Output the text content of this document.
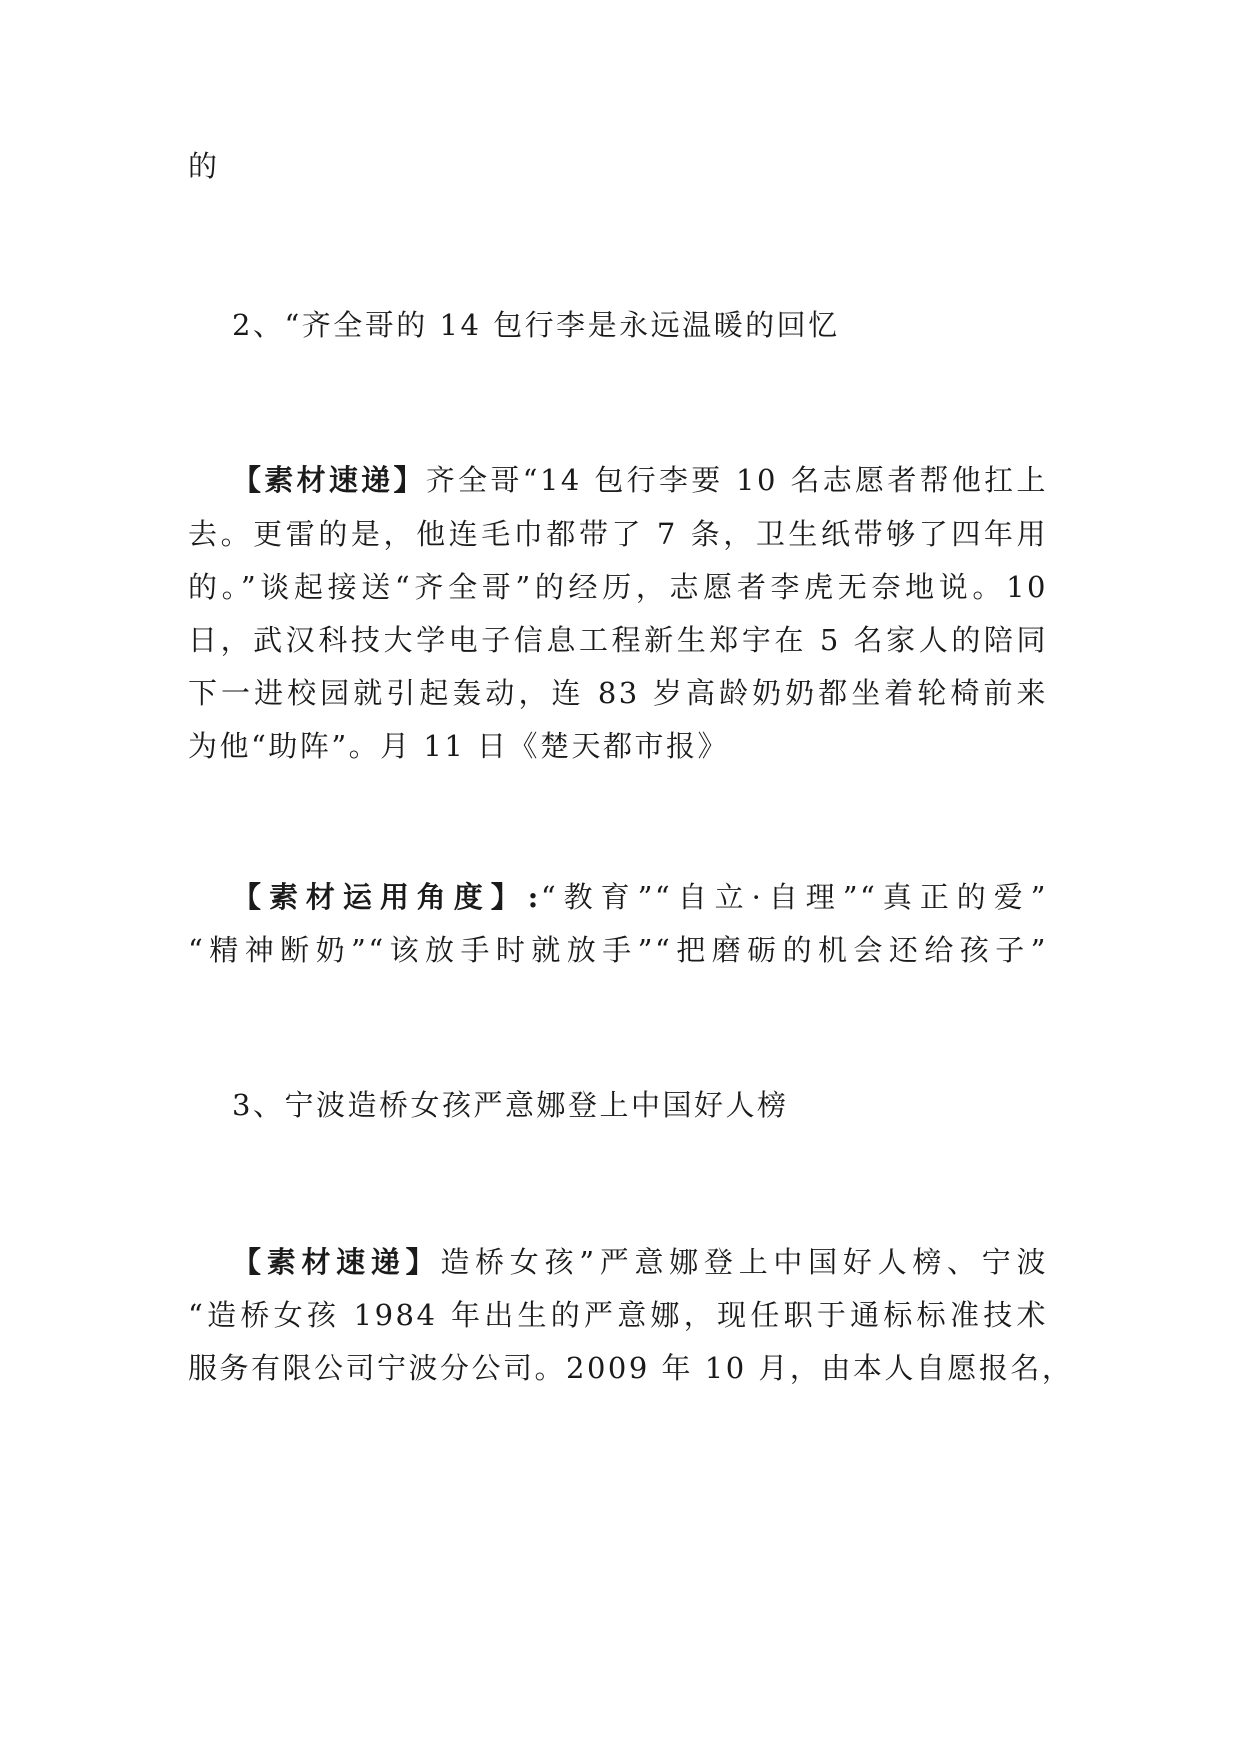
的
2、“齐全哥的 14 包行李是永远温暖的回忆
【素材速递】齐全哥“14 包行李要 10 名志愿者帮他扛上
去。更雷的是，他连毛巾都带了 7 条，卫生纸带够了四年用
的。”谈起接送“齐全哥”的经历，志愿者李虎无奈地说。10
日，武汉科技大学电子信息工程新生郑宇在 5 名家人的陪同
下一进校园就引起轰动，连 83 岁高龄奶奶都坐着轮椅前来
为他“助阵”。月 11 日《楚天都市报》
【素材运用角度】:“教育”“自立·自理”“真正的爱”
“精神断奶”“该放手时就放手”“把磨砺的机会还给孩子”
3、宁波造桥女孩严意娜登上中国好人榜
【素材速递】造桥女孩”严意娜登上中国好人榜、宁波
“造桥女孩 1984 年出生的严意娜，现任职于通标标准技术
服务有限公司宁波分公司。2009 年 10 月，由本人自愿报名，
